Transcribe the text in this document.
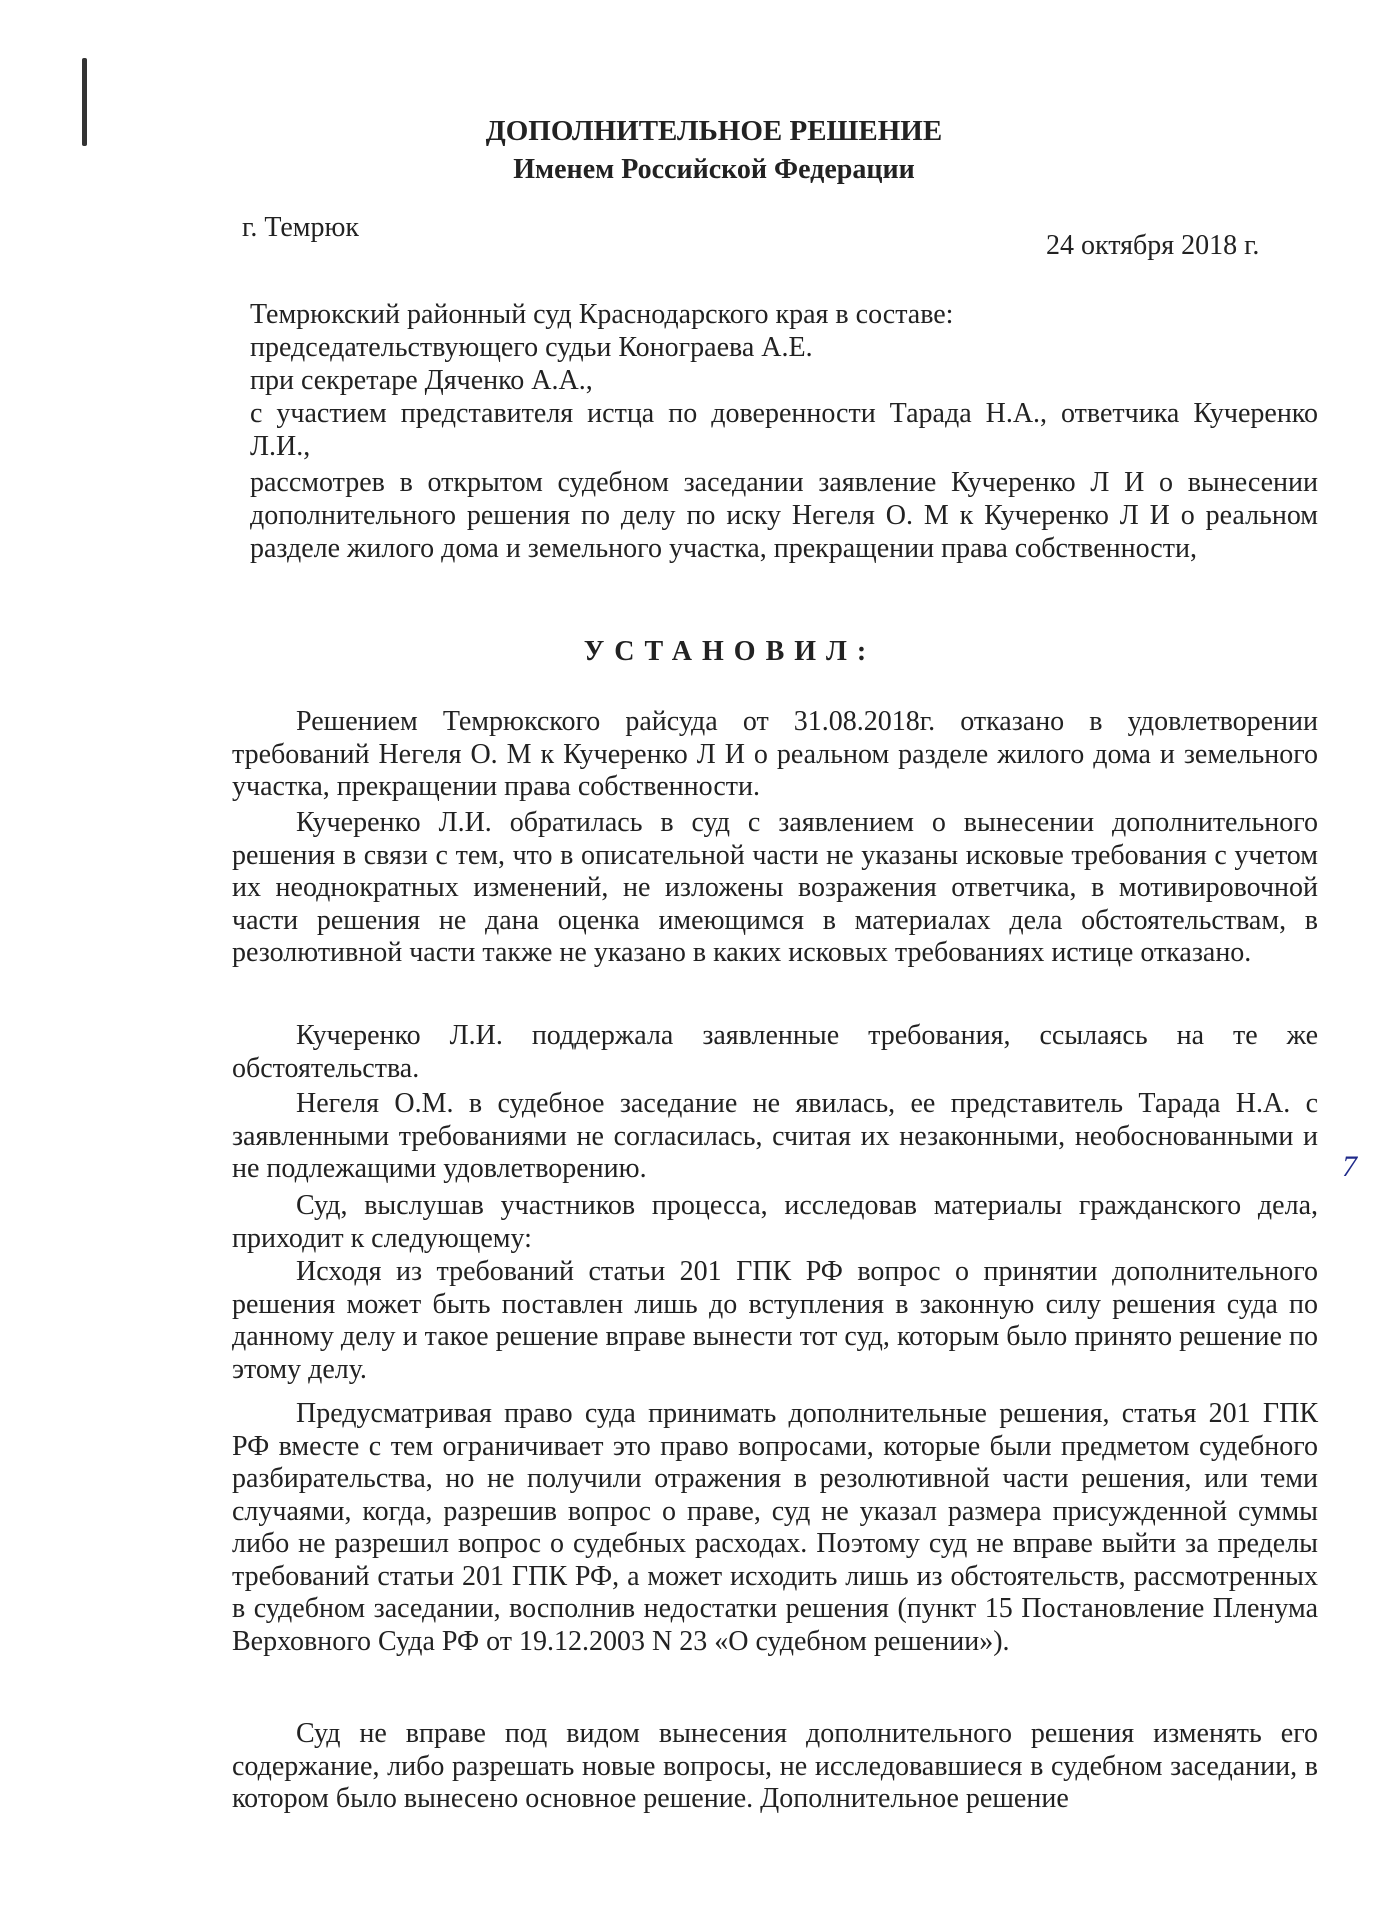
ДОПОЛНИТЕЛЬНОЕ РЕШЕНИЕ
Именем Российской Федерации
г. Темрюк
24 октября 2018 г.
Темрюкский районный суд Краснодарского края в составе:
председательствующего судьи Конограева А.Е.
при секретаре Дяченко А.А.,
с участием представителя истца по доверенности Тарада Н.А., ответчика Кучеренко Л.И.,
рассмотрев в открытом судебном заседании заявление Кучеренко Л И о вынесении дополнительного решения по делу по иску Негеля О. М к Кучеренко Л И о реальном разделе жилого дома и земельного участка, прекращении права собственности,
УСТАНОВИЛ:
Решением Темрюкского райсуда от 31.08.2018г. отказано в удовлетворении требований Негеля О. М к Кучеренко Л И о реальном разделе жилого дома и земельного участка, прекращении права собственности.
Кучеренко Л.И. обратилась в суд с заявлением о вынесении дополнительного решения в связи с тем, что в описательной части не указаны исковые требования с учетом их неоднократных изменений, не изложены возражения ответчика, в мотивировочной части решения не дана оценка имеющимся в материалах дела обстоятельствам, в резолютивной части также не указано в каких исковых требованиях истице отказано.
Кучеренко Л.И. поддержала заявленные требования, ссылаясь на те же обстоятельства.
Негеля О.М. в судебное заседание не явилась, ее представитель Тарада Н.А. с заявленными требованиями не согласилась, считая их незаконными, необоснованными и не подлежащими удовлетворению.
Суд, выслушав участников процесса, исследовав материалы гражданского дела, приходит к следующему:
Исходя из требований статьи 201 ГПК РФ вопрос о принятии дополнительного решения может быть поставлен лишь до вступления в законную силу решения суда по данному делу и такое решение вправе вынести тот суд, которым было принято решение по этому делу.
Предусматривая право суда принимать дополнительные решения, статья 201 ГПК РФ вместе с тем ограничивает это право вопросами, которые были предметом судебного разбирательства, но не получили отражения в резолютивной части решения, или теми случаями, когда, разрешив вопрос о праве, суд не указал размера присужденной суммы либо не разрешил вопрос о судебных расходах. Поэтому суд не вправе выйти за пределы требований статьи 201 ГПК РФ, а может исходить лишь из обстоятельств, рассмотренных в судебном заседании, восполнив недостатки решения (пункт 15 Постановление Пленума Верховного Суда РФ от 19.12.2003 N 23 «О судебном решении»).
Суд не вправе под видом вынесения дополнительного решения изменять его содержание, либо разрешать новые вопросы, не исследовавшиеся в судебном заседании, в котором было вынесено основное решение. Дополнительное решение
7
